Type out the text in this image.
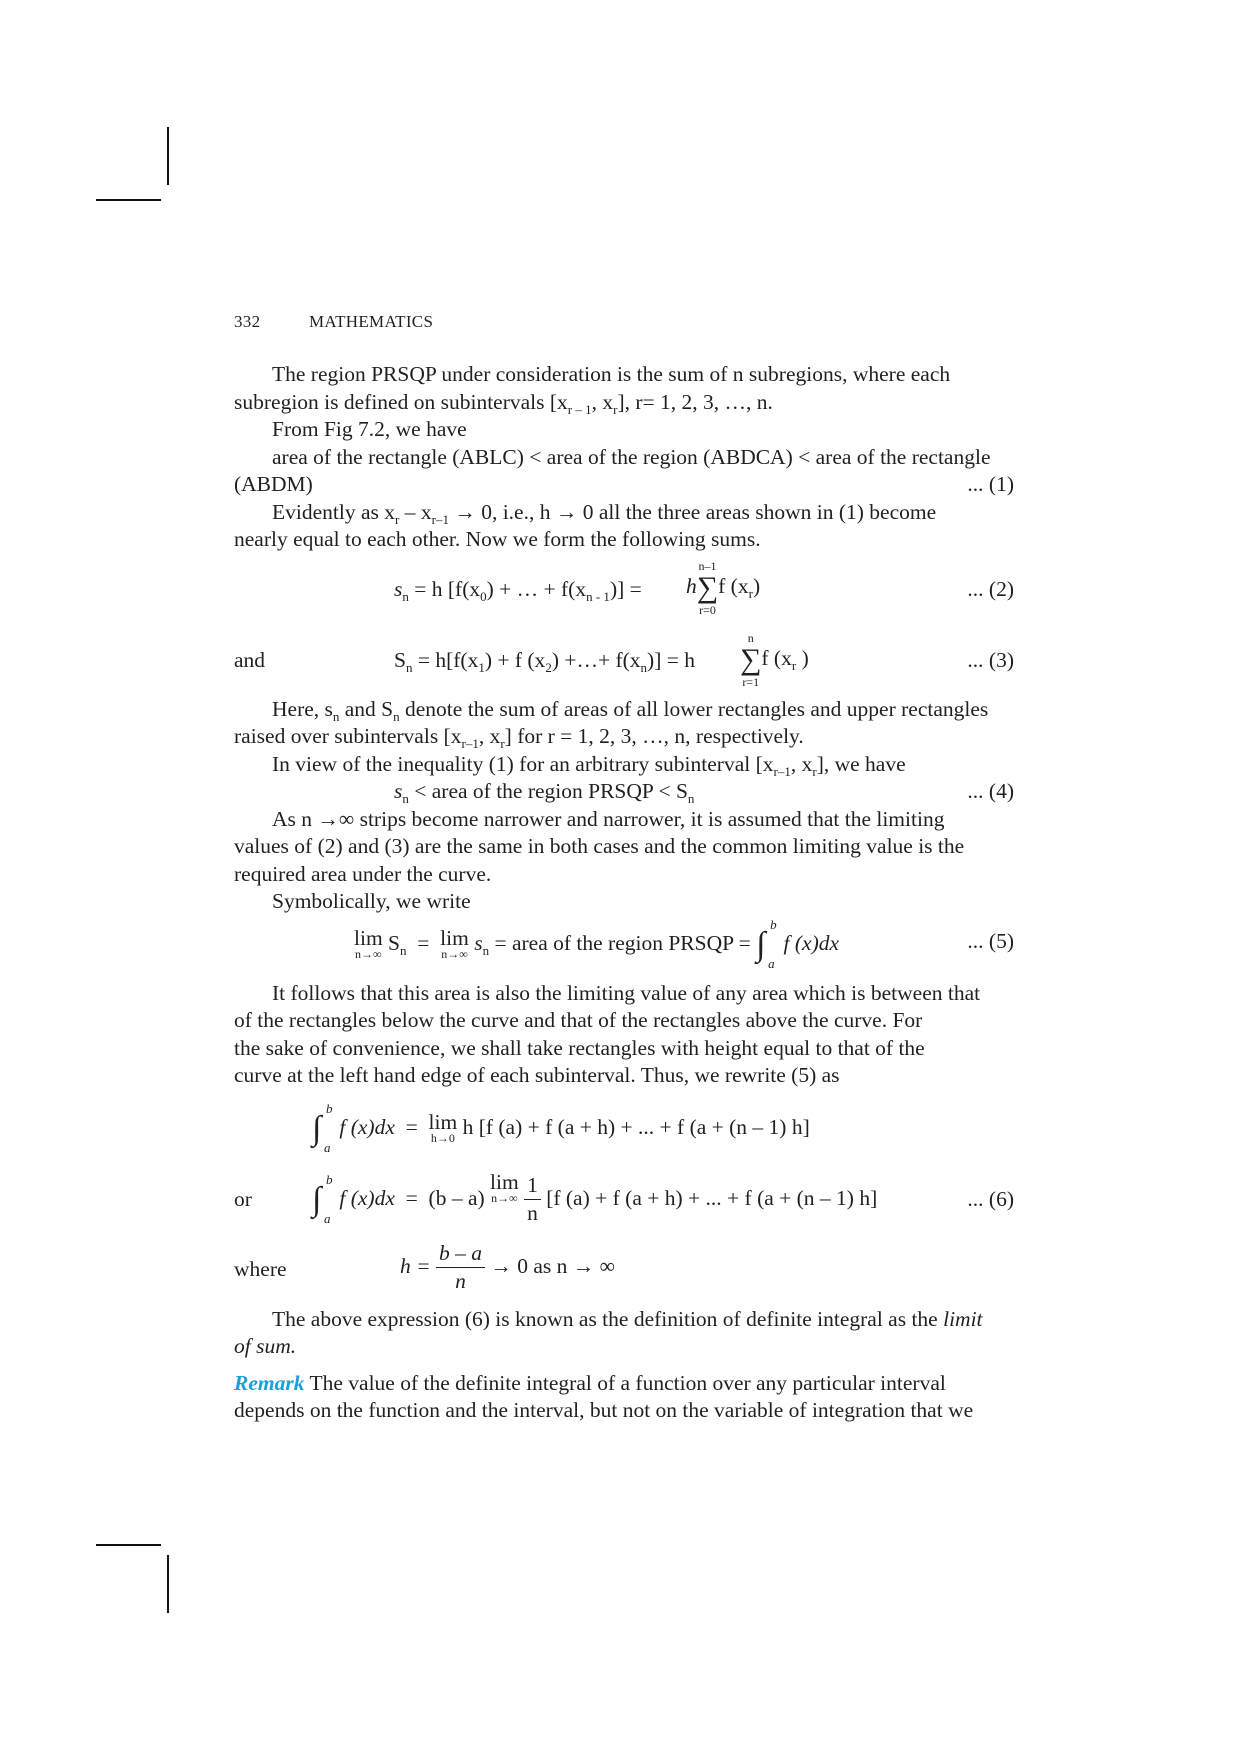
332	MATHEMATICS
The region PRSQP under consideration is the sum of n subregions, where each
subregion is defined on subintervals [$x_{r - 1}$, $x_r$], r= 1, 2, 3, …, n.
From Fig 7.2, we have
area of the rectangle (ABLC) < area of the region (ABDCA) < area of the rectangle
(ABDM)	... (1)
Evidently as $x_r - x_{r-1} \to 0$, i.e., h → 0 all the three areas shown in (1) become
nearly equal to each other. Now we form the following sums.
$s_n = h$ [$f(x_0)$ + … + $f(x_{n - 1})] = h$
n–1
∑
r=0
f $(x_r)$	... (2)
and	$S_n = h[f(x_1) + f$ $(x_2)$ +…+ $f(x_n)] = h$
n
∑
r=1
f ($x_r$ )	... (3)
Here, $s_n$ and $S_n$ denote the sum of areas of all lower rectangles and upper rectangles
raised over subintervals [$x_{r-1}$, $x_r$] for r = 1, 2, 3, …, n, respectively.
In view of the inequality (1) for an arbitrary subinterval [$x_{r-1}$, $x_r$], we have
$s_n$ < area of the region PRSQP < $S_n$	... (4)

As n →∞ strips become narrower and narrower, it is assumed that the limiting

values of (2) and (3) are the same in both cases and the common limiting value is the

required area under the curve.

Symbolically, we write
lim
n→∞ $S_n = \lim$
n→∞ $s_n$ = area of the region PRSQP = ∫
b
a
f (x)dx	... (5)

It follows that this area is also the limiting value of any area which is between that

of the rectangles below the curve and that of the rectangles above the curve. For

the sake of convenience, we shall take rectangles with height equal to that of the

curve at the left hand edge of each subinterval. Thus, we rewrite (5) as

∫
b
a
f (x)dx = lim
h→0 h [f (a) + f (a + h) + ... + f (a + (n – 1) h]
or ∫
b
a
f (x)dx = (b – a) lim
n→∞
$\frac{1}{n} [f$ (a) + f (a + h) + ... + f (a + (n – 1) h]	... (6)
where	$h = \frac{b - a}{n} \to 0$ as n → ∞

The above expression (6) is known as the definition of definite integral as the limit

of sum.

Remark The value of the definite integral of a function over any particular interval

depends on the function and the interval, but not on the variable of integration that we
